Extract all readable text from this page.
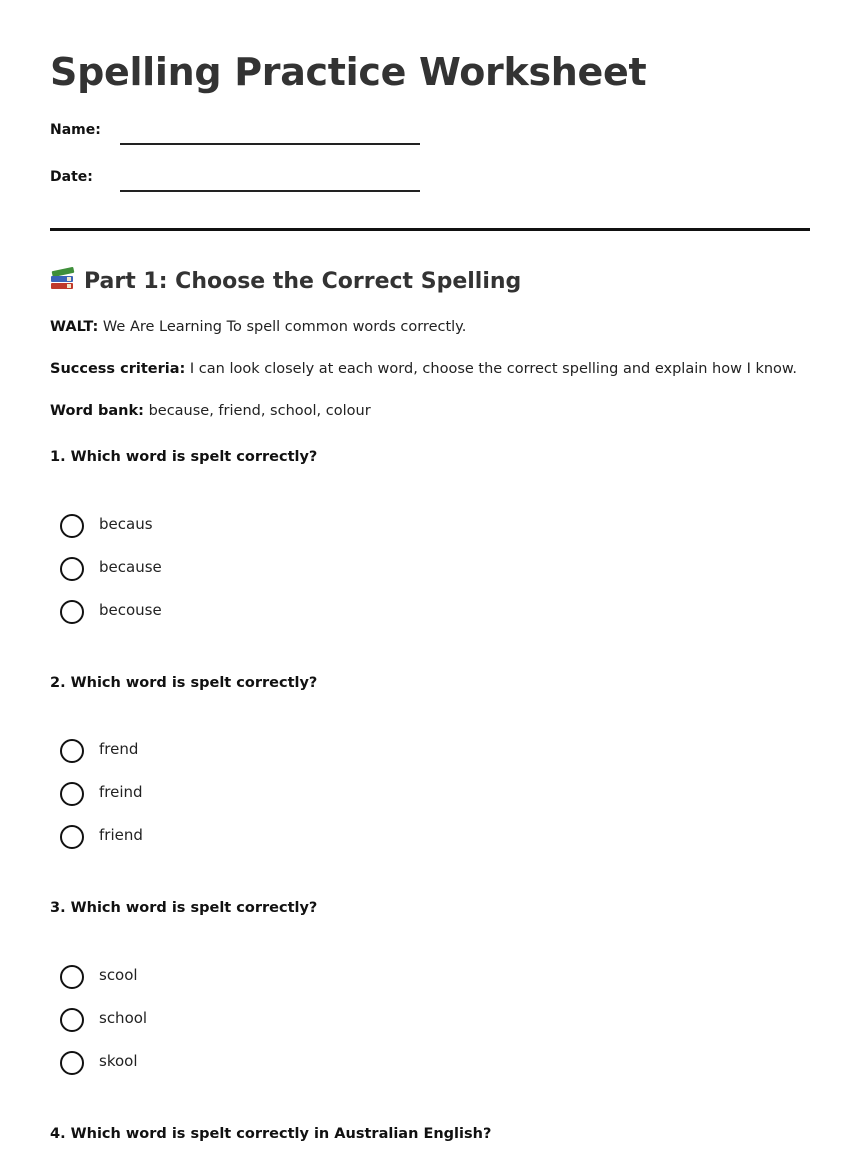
Spelling Practice Worksheet
Name:
Date:
Part 1: Choose the Correct Spelling
WALT: We Are Learning To spell common words correctly.
Success criteria: I can look closely at each word, choose the correct spelling and explain how I know.
Word bank: because, friend, school, colour
1. Which word is spelt correctly?
becaus
because
becouse
2. Which word is spelt correctly?
frend
freind
friend
3. Which word is spelt correctly?
scool
school
skool
4. Which word is spelt correctly in Australian English?
